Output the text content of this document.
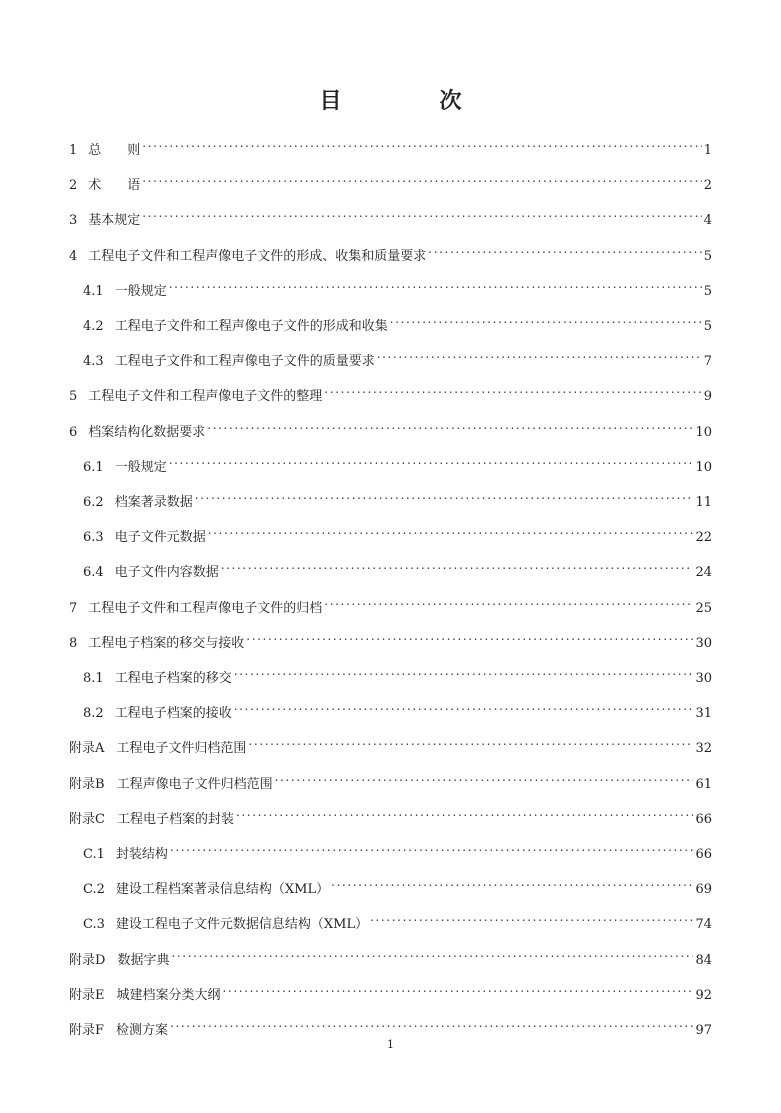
目　次
1 总　　则 .....	1
2 术　　语 .....	2
3 基本规定 .....	4
4 工程电子文件和工程声像电子文件的形成、收集和质量要求 .....	5
4.1 一般规定 .....	5
4.2 工程电子文件和工程声像电子文件的形成和收集 .....	5
4.3 工程电子文件和工程声像电子文件的质量要求 .....	7
5 工程电子文件和工程声像电子文件的整理 .....	9
6 档案结构化数据要求 .....	10
6.1 一般规定 .....	10
6.2 档案著录数据 .....	11
6.3 电子文件元数据 .....	22
6.4 电子文件内容数据 .....	24
7 工程电子文件和工程声像电子文件的归档 .....	25
8 工程电子档案的移交与接收 .....	30
8.1 工程电子档案的移交 .....	30
8.2 工程电子档案的接收 .....	31
附录A 工程电子文件归档范围 .....	32
附录B 工程声像电子文件归档范围 .....	61
附录C 工程电子档案的封装 .....	66
C.1 封装结构 .....	66
C.2 建设工程档案著录信息结构（XML） .....	69
C.3 建设工程电子文件元数据信息结构（XML） .....	74
附录D 数据字典 .....	84
附录E 城建档案分类大纲 .....	92
附录F 检测方案 .....	97
1
